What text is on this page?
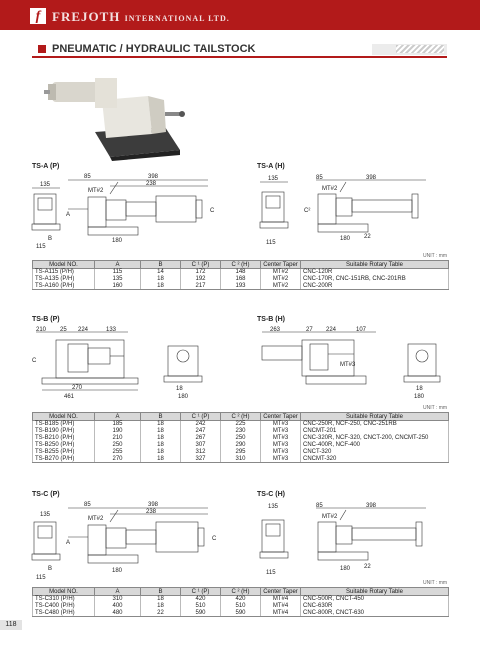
f FREJOTH INTERNATIONAL LTD.
PNEUMATIC / HYDRAULIC TAILSTOCK
TS-A (P)	TS-A (H)
85	398
135	238
MT#2
A
C
B	180
115
135	85	398
MT#2
C²
180 22
115
UNIT : mm
Model NO.	A	B	C ¹ (P)	C ² (H)	Center Taper	Suitable Rotary Table
TS-A115 (P/H)	115	14	172	148	MT#2	CNC-120R
TS-A135 (P/H)	135	18	192	168	MT#2	CNC-170R, CNC-151RB, CNC-201RB
TS-A160 (P/H)	160	18	217	193	MT#2	CNC-200R
TS-B (P)	TS-B (H)
210 25 224	133
C
270
461
18
180
263	27 224	107
MT#3
180
18
UNIT : mm
Model NO.	A	B	C ¹ (P)	C ² (H)	Center Taper	Suitable Rotary Table
TS-B185 (P/H)	185	18	242	225	MT#3	CNC-250R, NCF-250, CNC-251RB
TS-B190 (P/H)	190	18	247	230	MT#3	CNCMT-201
TS-B210 (P/H)	210	18	267	250	MT#3	CNC-320R, NCF-320, CNCT-200, CNCMT-250
TS-B250 (P/H)	250	18	307	290	MT#3	CNC-400R, NCF-400
TS-B255 (P/H)	255	18	312	295	MT#3	CNCT-320
TS-B270 (P/H)	270	18	327	310	MT#3	CNCMT-320
TS-C (P)	TS-C (H)
85	398
135	238
MT#2
A
C
B	180
115
135	85	398
MT#2
180 22
115
UNIT : mm
Model NO.	A	B	C ¹ (P)	C ² (H)	Center Taper	Suitable Rotary Table
TS-C310 (P/H)	310	18	420	420	MT#4	CNC-500R, CNCT-450
TS-C400 (P/H)	400	18	510	510	MT#4	CNC-630R
TS-C480 (P/H)	480	22	590	590	MT#4	CNC-800R, CNCT-630
118
